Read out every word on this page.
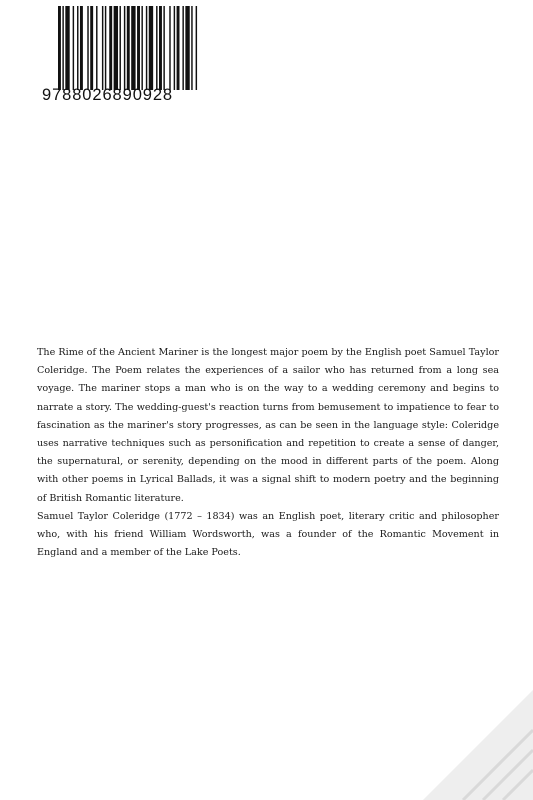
9788026890928

The Rime of the Ancient Mariner is the longest major poem by the English poet Samuel Taylor Coleridge. The Poem relates the experiences of a sailor who has returned from a long sea voyage. The mariner stops a man who is on the way to a wedding ceremony and begins to narrate a story. The wedding-guest's reaction turns from bemusement to impatience to fear to fascination as the mariner's story progresses, as can be seen in the language style: Coleridge uses narrative techniques such as personification and repetition to create a sense of danger, the supernatural, or serenity, depending on the mood in different parts of the poem. Along with other poems in Lyrical Ballads, it was a signal shift to modern poetry and the beginning of British Romantic literature.

Samuel Taylor Coleridge (1772 – 1834) was an English poet, literary critic and philosopher who, with his friend William Wordsworth, was a founder of the Romantic Movement in England and a member of the Lake Poets.
